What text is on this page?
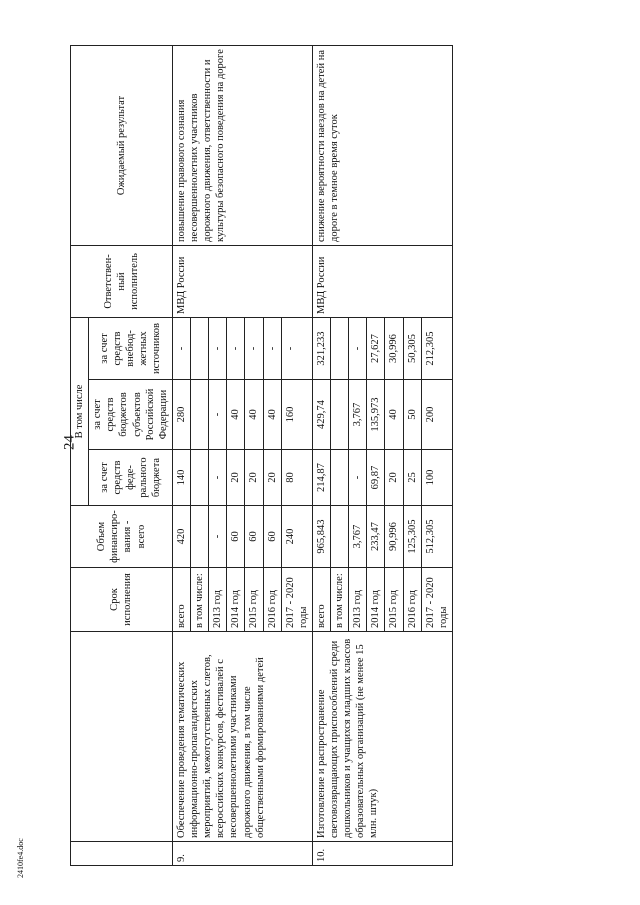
24
2410fe4.doc
		Срок исполнения	Объем финансиро-вания - всего	В том числе			Ответствен-ный исполнитель	Ожидаемый результат
				за счет средств феде-рального бюджета	за счет средств бюджетов субъектов Российской Федерации	за счет средств внебюд-жетных источников		
9.	Обеспечение проведения тематических информационно-пропагандистских мероприятий, межотсутственных слетов, всероссийских конкурсов, фестивалей с несовершеннолетними участниками дорожного движения, в том числе общественными формированиями детей	всего	420	140	280	-	МВД России	повышение правового сознания несовершеннолетних участников дорожного движения, ответственности и культуры безопасного поведения на дороге
		в том числе:						
		2013 год	-	-	-	-		
		2014 год	60	20	40	-		
		2015 год	60	20	40	-		
		2016 год	60	20	40	-		
		2017 - 2020 годы	240	80	160	-		
10.	Изготовление и распространение световозвращающих приспособлений среди дошкольников и учащихся младших классов образовательных организаций (не менее 15 млн. штук)	всего	965,843	214,87	429,74	321,233	МВД России	снижение вероятности наездов на детей на дороге в темное время суток
		в том числе:						
		2013 год	3,767	-	3,767	-		
		2014 год	233,47	69,87	135,973	27,627		
		2015 год	90,996	20	40	30,996		
		2016 год	125,305	25	50	50,305		
		2017 - 2020 годы	512,305	100	200	212,305		
